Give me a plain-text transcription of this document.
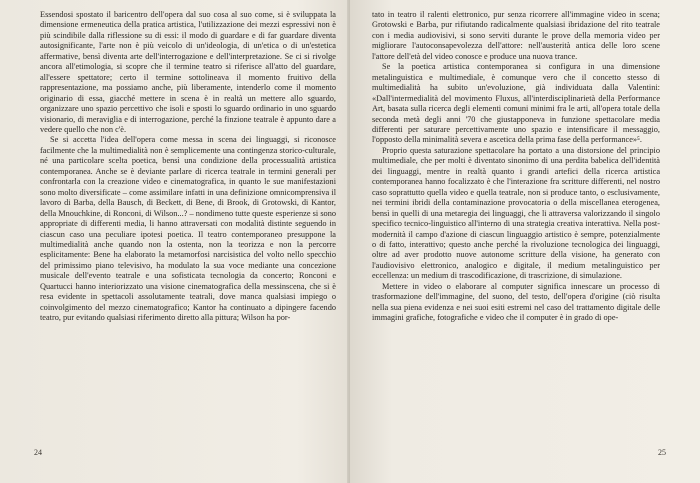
Essendosi spostato il baricentro dell'opera dal suo cosa al suo come, si è sviluppata la dimensione ermeneutica della pratica artistica, l'utilizzazione dei mezzi espressivi non è più scindibile dalla riflessione su di essi: il modo di guardare e di far guardare diventa autosignificante, l'arte non è più veicolo di un'ideologia, di un'etica o di un'estetica affermative, bensì diventa arte dell'interrogazione e dell'interpretazione. Se ci si rivolge ancora all'etimologia, si scopre che il termine teatro si riferisce all'atto del guardare, all'essere spettatore; certo il termine sottolineava il momento fruitivo della rappresentazione, ma possiamo anche, più liberamente, intenderlo come il momento originario di essa, giacché mettere in scena è in realtà un mettere allo sguardo, organizzare uno spazio percettivo che isoli e sposti lo sguardo ordinario in uno sguardo visionario, di meraviglia e di interrogazione, perché la finzione teatrale è appunto dare a vedere quello che non c'è.

Se si accetta l'idea dell'opera come messa in scena dei linguaggi, si riconosce facilmente che la multimedialità non è semplicemente una contingenza storico-culturale, né una particolare scelta poetica, bensì una condizione della processualità artistica contemporanea. Anche se è deviante parlare di ricerca teatrale in termini generali per confrontarla con la creazione video e cinematografica, in quanto le sue manifestazioni sono molto diversificate – come assimilare infatti in una definizione omnicomprensiva il lavoro di Barba, della Bausch, di Beckett, di Bene, di Brook, di Grotowski, di Kantor, della Mnouchkine, di Ronconi, di Wilson...? – nondimeno tutte queste esperienze si sono appropriate di differenti media, li hanno attraversati con modalità distinte seguendo in ciascun caso una peculiare ipotesi poetica. Il teatro contemporaneo presuppone la multimedialità anche quando non la ostenta, non la teorizza e non la percorre esplicitamente: Bene ha elaborato la metamorfosi narcisistica del volto nello specchio del primissimo piano televisivo, ha modulato la sua voce mediante una concezione musicale dell'evento teatrale e una sofisticata tecnologia da concerto; Ronconi e Quartucci hanno interiorizzato una visione cinematografica della messinscena, che si è resa evidente in spettacoli assolutamente teatrali, dove manca qualsiasi impiego o coinvolgimento del mezzo cinematografico; Kantor ha continuato a dipingere facendo teatro, pur evitando qualsiasi riferimento diretto alla pittura; Wilson ha por-

24

tato in teatro il ralenti elettronico, pur senza ricorrere all'immagine video in scena; Grotowski e Barba, pur rifiutando radicalmente qualsiasi ibridazione del rito teatrale con i media audiovisivi, si sono serviti durante le prove della memoria video per migliorare l'autoconsapevolezza dell'attore: nell'austerità antica delle loro scene l'attore dell'età del video conosce e produce una nuova trance.

Se la poetica artistica contemporanea si configura in una dimensione metalinguistica e multimediale, è comunque vero che il concetto stesso di multimedialità ha subito un'evoluzione, già individuata dalla Valentini: «Dall'intermedialità del movimento Fluxus, all'interdisciplinarietà della Performance Art, basata sulla ricerca degli elementi comuni minimi fra le arti, all'opera totale della seconda metà degli anni '70 che giustapponeva in funzione spettacolare media differenti per saturare percettivamente uno spazio e intensificare il messaggio, l'opposto della minimalità severa e ascetica della prima fase della performance»⁵.

Proprio questa saturazione spettacolare ha portato a una distorsione del principio multimediale, che per molti è diventato sinonimo di una perdita babelica dell'identità dei linguaggi, mentre in realtà quanto i grandi artefici della ricerca artistica contemporanea hanno focalizzato è che l'interazione fra scritture differenti, nel nostro caso soprattutto quella video e quella teatrale, non si produce tanto, o esclusivamente, nei termini ibridi della contaminazione provocatoria o della miscellanea eterogenea, bensì in quelli di una metaregia dei linguaggi, che li attraversa valorizzando il singolo specifico tecnico-linguistico all'interno di una strategia creativa interattiva. Nella post-modernità il campo d'azione di ciascun linguaggio artistico è sempre, potenzialmente o di fatto, interattivo; questo anche perché la rivoluzione tecnologica dei linguaggi, oltre ad aver prodotto nuove autonome scritture della visione, ha generato con l'audiovisivo elettronico, analogico e digitale, il medium metalinguistico per eccellenza: un medium di trascodificazione, di trascrizione, di simulazione.

Mettere in video o elaborare al computer significa innescare un processo di trasformazione dell'immagine, del suono, del testo, dell'opera d'origine (ciò risulta nella sua piena evidenza e nei suoi esiti estremi nel caso del trattamento digitale delle immagini grafiche, fotografiche e video che il computer è in grado di ope-

25
